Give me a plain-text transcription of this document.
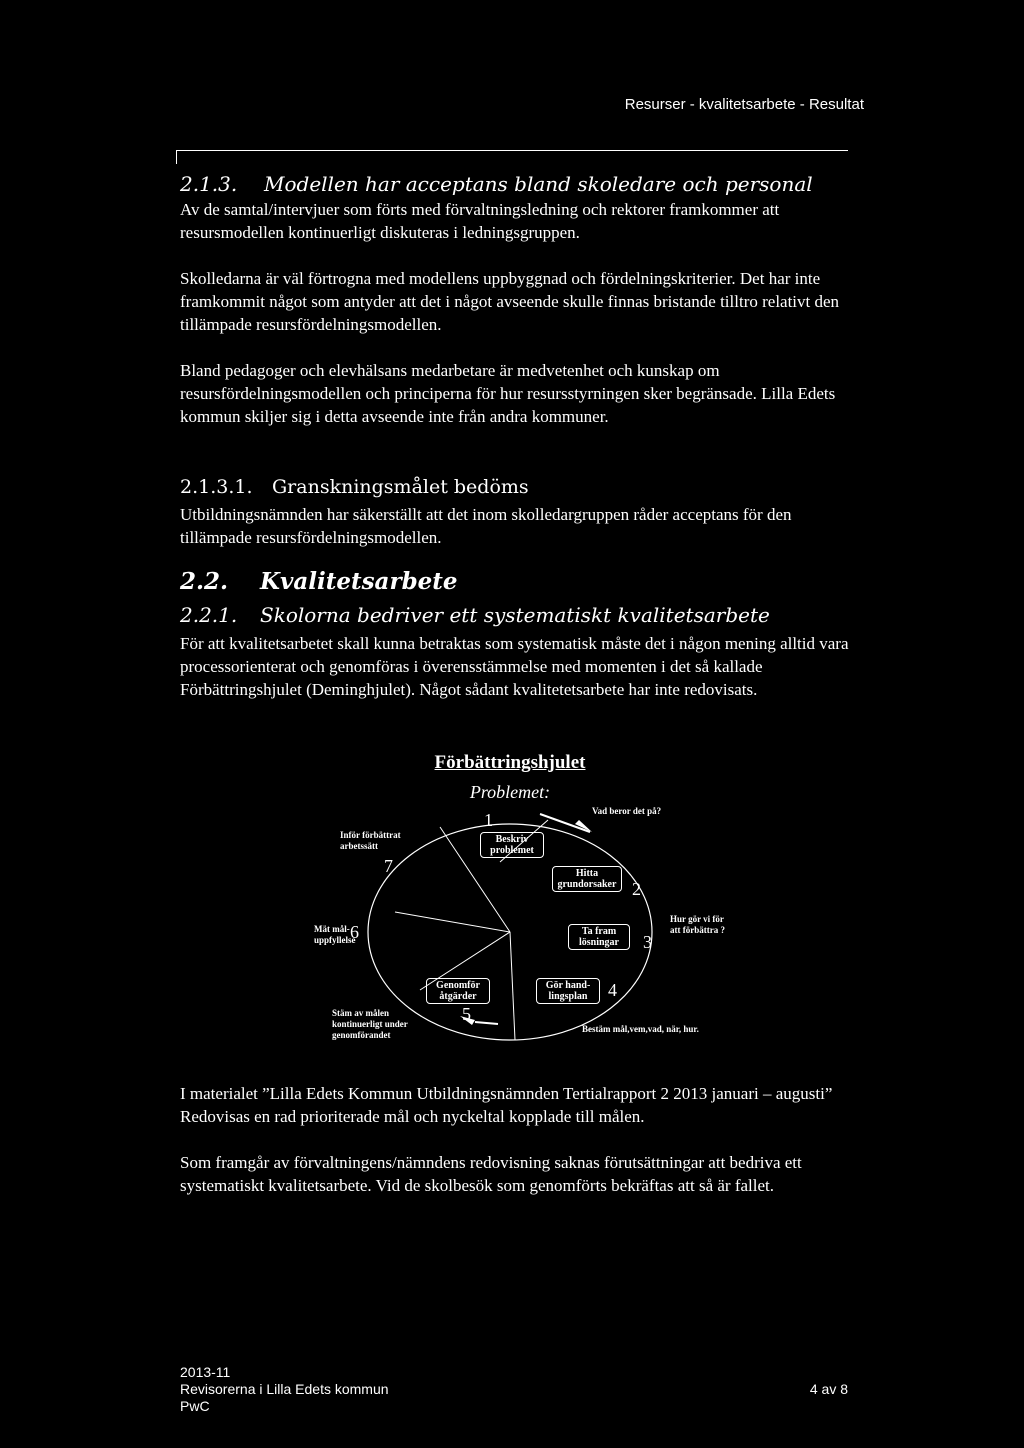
Resurser - kvalitetsarbete - Resultat
2.1.3. Modellen har acceptans bland skoledare och personal

Av de samtal/intervjuer som förts med förvaltningsledning och rektorer framkommer att resursmodellen kontinuerligt diskuteras i ledningsgruppen.

Skolledarna är väl förtrogna med modellens uppbyggnad och fördelningskriterier. Det har inte framkommit något som antyder att det i något avseende skulle finnas bristande tilltro relativt den tillämpade resursfördelningsmodellen.

Bland pedagoger och elevhälsans medarbetare är medvetenhet och kunskap om resursfördelningsmodellen och principerna för hur resursstyrningen sker begränsade. Lilla Edets kommun skiljer sig i detta avseende inte från andra kommuner.

2.1.3.1. Granskningsmålet bedöms

Utbildningsnämnden har säkerställt att det inom skolledargruppen råder acceptans för den tillämpade resursfördelningsmodellen.

2.2. Kvalitetsarbete
2.2.1. Skolorna bedriver ett systematiskt kvalitetsarbete

För att kvalitetsarbetet skall kunna betraktas som systematisk måste det i någon mening alltid vara processorienterat och genomföras i överensstämmelse med momenten i det så kallade Förbättringshjulet (Deminghjulet). Något sådant kvalitetetsarbete har inte redovisats.

Förbättringshjulet
Problemet:
1
2
3
4
5
6
7
Beskriv problemet
Hitta grundorsaker
Ta fram lösningar
Gör hand-lingsplan
Genomför åtgärder
Vad beror det på?
Hur gör vi för att förbättra ?
Bestäm mål,vem,vad, när, hur.
Stäm av målen kontinuerligt under genomförandet
Mät mål-uppfyllelse
Inför förbättrat arbetssätt

I materialet ”Lilla Edets Kommun Utbildningsnämnden Tertialrapport 2 2013 januari – augusti” Redovisas en rad prioriterade mål och nyckeltal kopplade till målen.

Som framgår av förvaltningens/nämndens redovisning saknas förutsättningar att bedriva ett systematiskt kvalitetsarbete. Vid de skolbesök som genomförts bekräftas att så är fallet.

2013-11
Revisorerna i Lilla Edets kommun
PwC
4 av 8
